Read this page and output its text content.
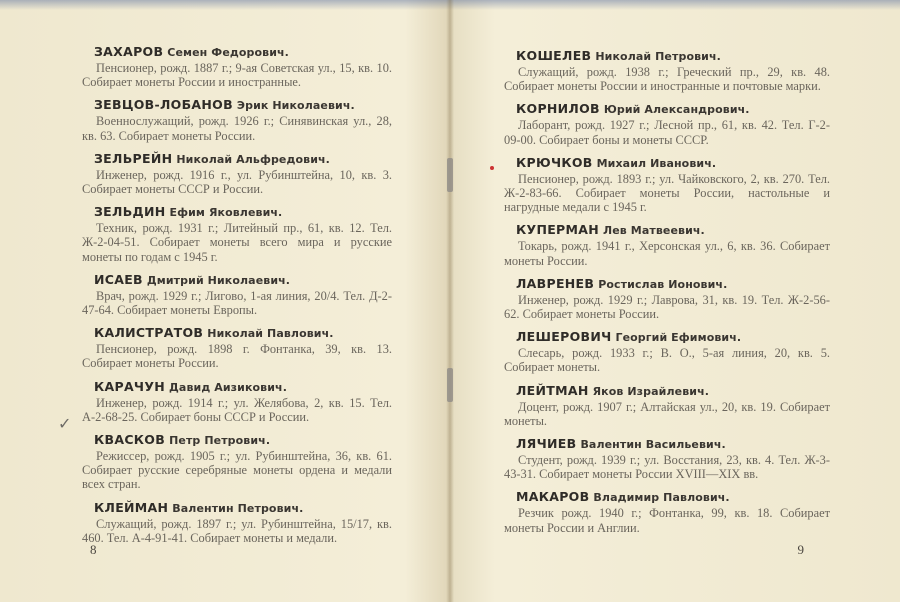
✓
ЗАХАРОВ Семен Федорович.
Пенсионер, рожд. 1887 г.; 9-ая Советская ул., 15, кв. 10. Собирает монеты России и иностранные.
ЗЕВЦОВ-ЛОБАНОВ Эрик Николаевич.
Военнослужащий, рожд. 1926 г.; Синявинская ул., 28, кв. 63. Собирает монеты России.
ЗЕЛЬРЕЙН Николай Альфредович.
Инженер, рожд. 1916 г., ул. Рубинштейна, 10, кв. 3. Собирает монеты СССР и России.
ЗЕЛЬДИН Ефим Яковлевич.
Техник, рожд. 1931 г.; Литейный пр., 61, кв. 12. Тел. Ж-2-04-51. Собирает монеты всего мира и русские монеты по годам с 1945 г.
ИСАЕВ Дмитрий Николаевич.
Врач, рожд. 1929 г.; Лиговo, 1-ая линия, 20/4. Тел. Д-2-47-64. Собирает монеты Европы.
КАЛИСТРАТОВ Николай Павлович.
Пенсионер, рожд. 1898 г. Фонтанка, 39, кв. 13. Собирает монеты России.
КАРАЧУН Давид Аизикович.
Инженер, рожд. 1914 г.; ул. Желябова, 2, кв. 15. Тел. А-2-68-25. Собирает боны СССР и России.
КВАСКОВ Петр Петрович.
Режиссер, рожд. 1905 г.; ул. Рубинштейна, 36, кв. 61. Собирает русские серебряные монеты ордена и медали всех стран.
КЛЕЙМАН Валентин Петрович.
Служащий, рожд. 1897 г.; ул. Рубинштейна, 15/17, кв. 460. Тел. А-4-91-41. Собирает монеты и медали.
8
КОШЕЛЕВ Николай Петрович.
Служащий, рожд. 1938 г.; Греческий пр., 29, кв. 48. Собирает монеты России и иностранные и почтовые марки.
КОРНИЛОВ Юрий Александрович.
Лаборант, рожд. 1927 г.; Лесной пр., 61, кв. 42. Тел. Г-2-09-00. Собирает боны и монеты СССР.
КРЮЧКОВ Михаил Иванович.
Пенсионер, рожд. 1893 г.; ул. Чайковского, 2, кв. 270. Тел. Ж-2-83-66. Собирает монеты России, настольные и нагрудные медали с 1945 г.
КУПЕРМАН Лев Матвеевич.
Токарь, рожд. 1941 г., Херсонская ул., 6, кв. 36. Собирает монеты России.
ЛАВРЕНЕВ Ростислав Ионович.
Инженер, рожд. 1929 г.; Лаврова, 31, кв. 19. Тел. Ж-2-56-62. Собирает монеты России.
ЛЕШЕРОВИЧ Георгий Ефимович.
Слесарь, рожд. 1933 г.; В. О., 5-ая линия, 20, кв. 5. Собирает монеты.
ЛЕЙТМАН Яков Израйлевич.
Доцент, рожд. 1907 г.; Алтайская ул., 20, кв. 19. Собирает монеты.
ЛЯЧИЕВ Валентин Васильевич.
Студент, рожд. 1939 г.; ул. Восстания, 23, кв. 4. Тел. Ж-3-43-31. Собирает монеты России XVIII—XIX вв.
МАКАРОВ Владимир Павлович.
Резчик рожд. 1940 г.; Фонтанка, 99, кв. 18. Собирает монеты России и Англии.
9
